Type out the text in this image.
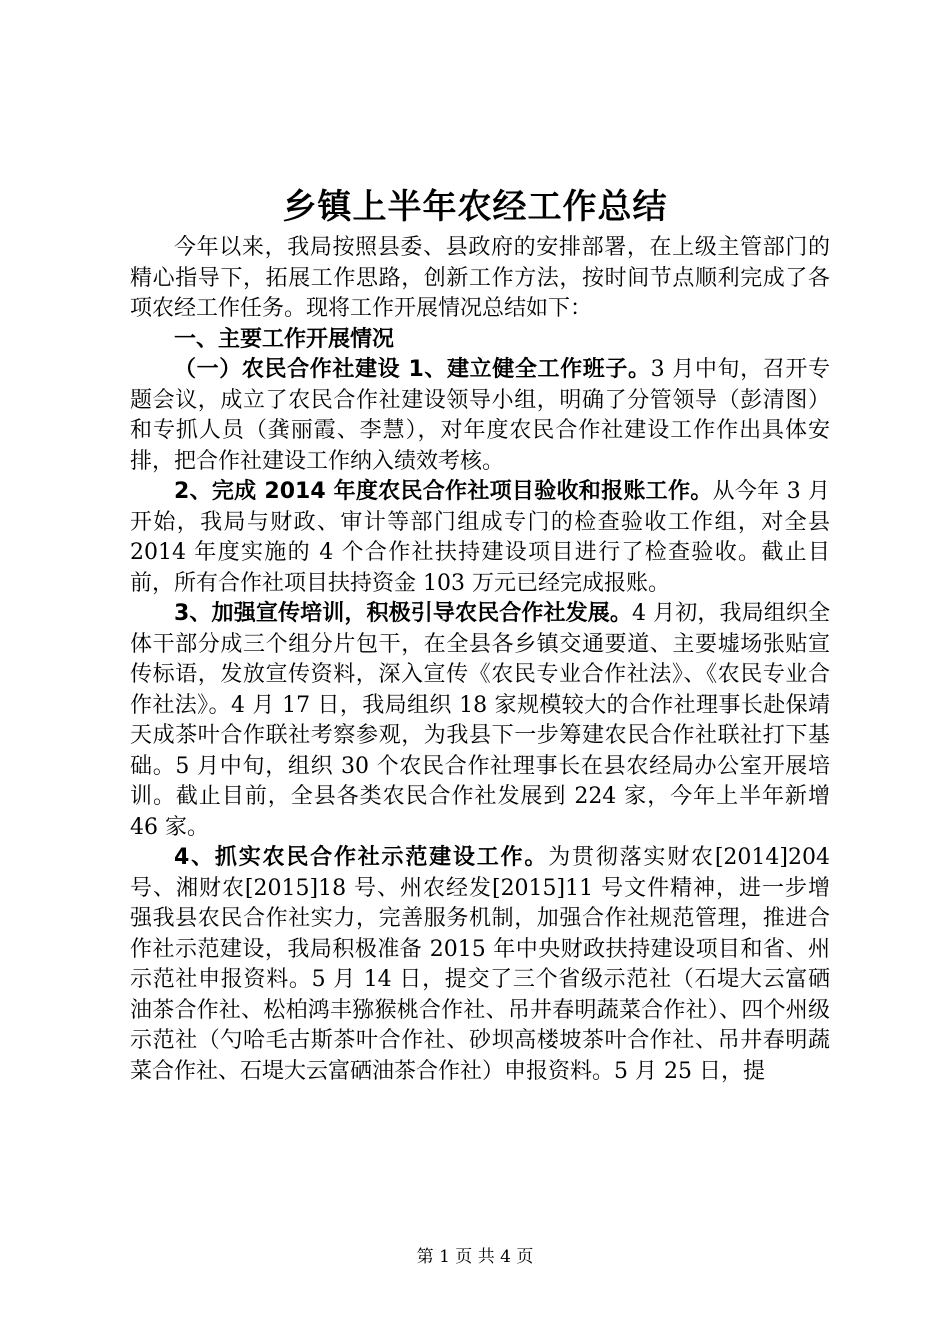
乡镇上半年农经工作总结

今年以来，我局按照县委、县政府的安排部署，在上级主管部门的精心指导下，拓展工作思路，创新工作方法，按时间节点顺利完成了各项农经工作任务。现将工作开展情况总结如下：

一、主要工作开展情况

（一）农民合作社建设 1、建立健全工作班子。3 月中旬，召开专题会议，成立了农民合作社建设领导小组，明确了分管领导（彭清图）和专抓人员（龚丽霞、李慧），对年度农民合作社建设工作作出具体安排，把合作社建设工作纳入绩效考核。

2、完成 2014 年度农民合作社项目验收和报账工作。从今年 3 月开始，我局与财政、审计等部门组成专门的检查验收工作组，对全县 2014 年度实施的 4 个合作社扶持建设项目进行了检查验收。截止目前，所有合作社项目扶持资金 103 万元已经完成报账。

3、加强宣传培训，积极引导农民合作社发展。4 月初，我局组织全体干部分成三个组分片包干，在全县各乡镇交通要道、主要墟场张贴宣传标语，发放宣传资料，深入宣传《农民专业合作社法》、《农民专业合作社法》。4 月 17 日，我局组织 18 家规模较大的合作社理事长赴保靖天成茶叶合作联社考察参观，为我县下一步筹建农民合作社联社打下基础。5 月中旬，组织 30 个农民合作社理事长在县农经局办公室开展培训。截止目前，全县各类农民合作社发展到 224 家，今年上半年新增 46 家。

4、抓实农民合作社示范建设工作。为贯彻落实财农[2014]204 号、湘财农[2015]18 号、州农经发[2015]11 号文件精神，进一步增强我县农民合作社实力，完善服务机制，加强合作社规范管理，推进合作社示范建设，我局积极准备 2015 年中央财政扶持建设项目和省、州示范社申报资料。5 月 14 日，提交了三个省级示范社（石堤大云富硒油茶合作社、松柏鸿丰猕猴桃合作社、吊井春明蔬菜合作社）、四个州级示范社（勺哈毛古斯茶叶合作社、砂坝高楼坡茶叶合作社、吊井春明蔬菜合作社、石堤大云富硒油茶合作社）申报资料。5 月 25 日，提

第 1 页 共 4 页
